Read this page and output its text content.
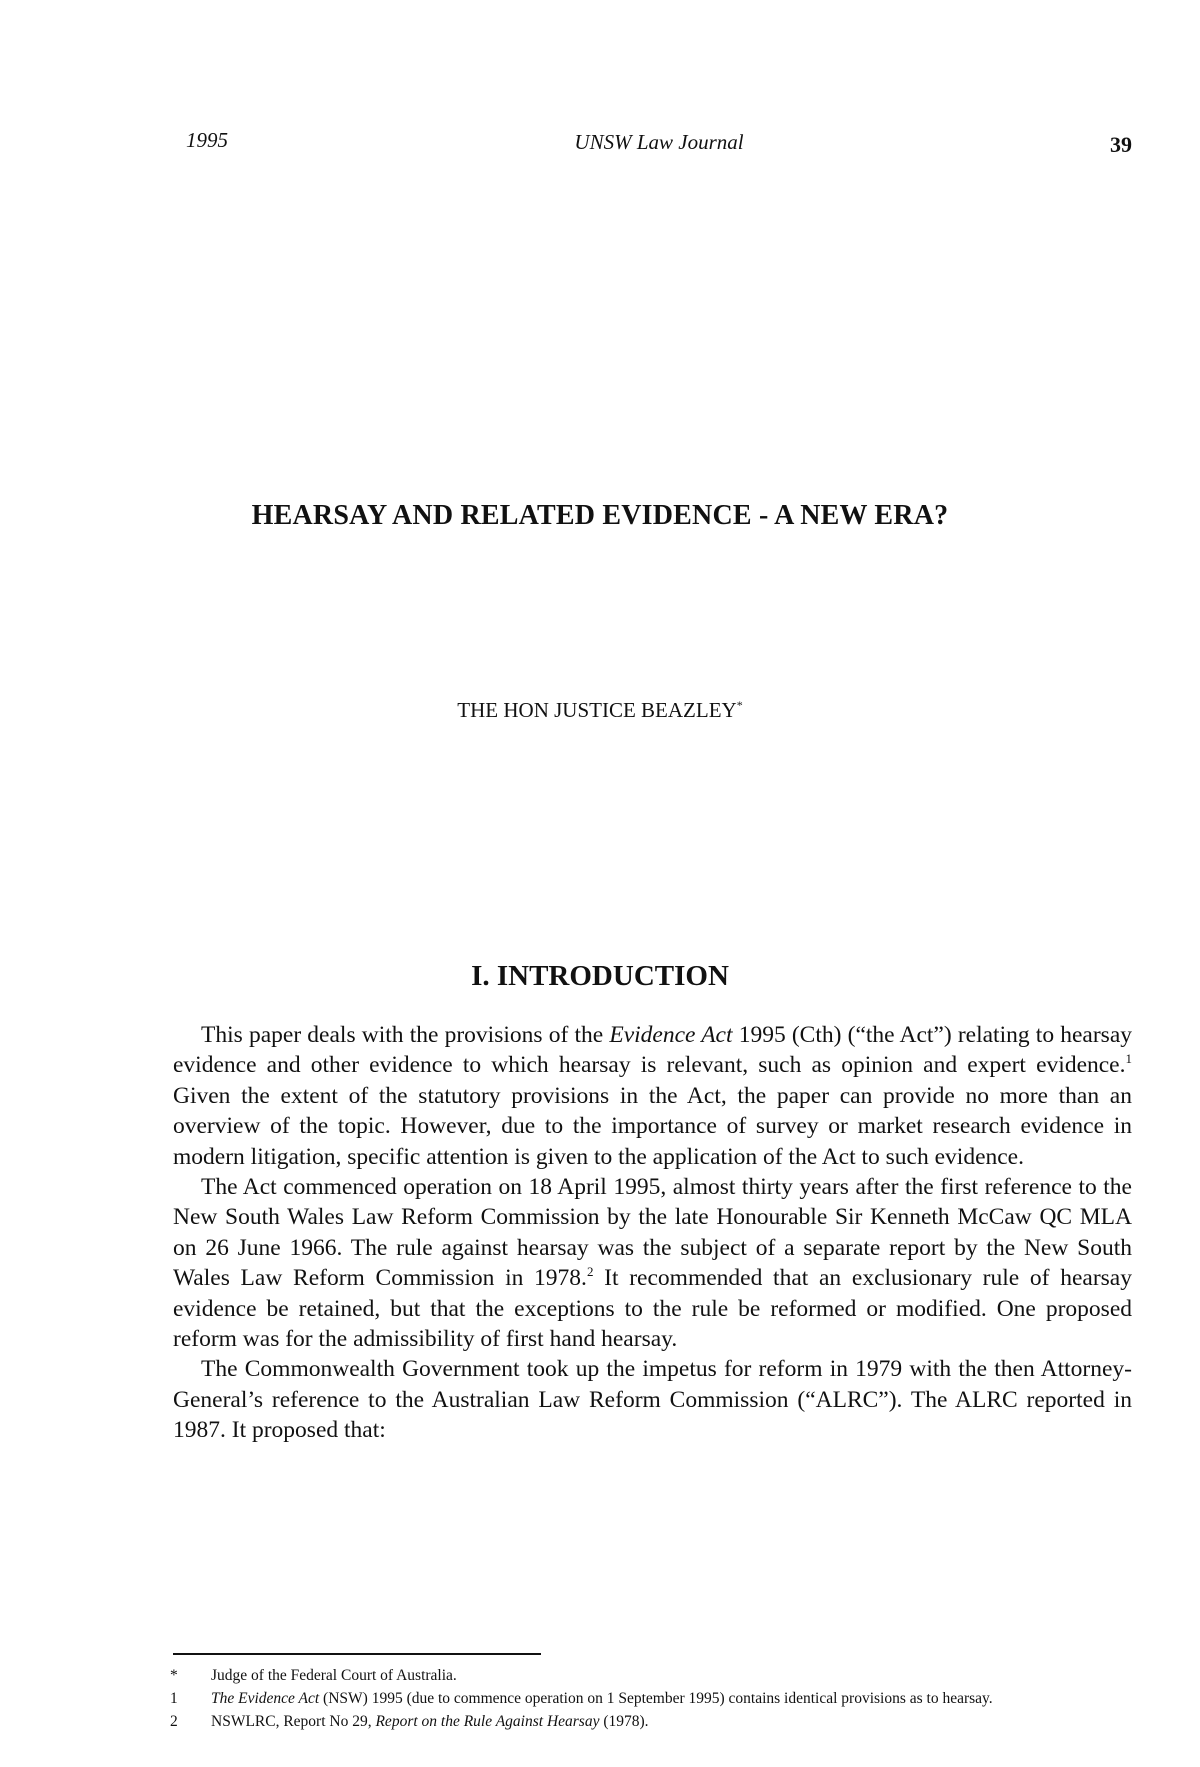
1995	UNSW Law Journal	39
HEARSAY AND RELATED EVIDENCE - A NEW ERA?
THE HON JUSTICE BEAZLEY*
I. INTRODUCTION

This paper deals with the provisions of the Evidence Act 1995 (Cth) (“the Act”) relating to hearsay evidence and other evidence to which hearsay is relevant, such as opinion and expert evidence.$^1$ Given the extent of the statutory provisions in the Act, the paper can provide no more than an overview of the topic. However, due to the importance of survey or market research evidence in modern litigation, specific attention is given to the application of the Act to such evidence.

The Act commenced operation on 18 April 1995, almost thirty years after the first reference to the New South Wales Law Reform Commission by the late Honourable Sir Kenneth McCaw QC MLA on 26 June 1966. The rule against hearsay was the subject of a separate report by the New South Wales Law Reform Commission in 1978.$^2$ It recommended that an exclusionary rule of hearsay evidence be retained, but that the exceptions to the rule be reformed or modified. One proposed reform was for the admissibility of first hand hearsay.

The Commonwealth Government took up the impetus for reform in 1979 with the then Attorney-General’s reference to the Australian Law Reform Commission (“ALRC”). The ALRC reported in 1987. It proposed that:

* Judge of the Federal Court of Australia.
1 The Evidence Act (NSW) 1995 (due to commence operation on 1 September 1995) contains identical provisions as to hearsay.
2 NSWLRC, Report No 29, Report on the Rule Against Hearsay (1978).
